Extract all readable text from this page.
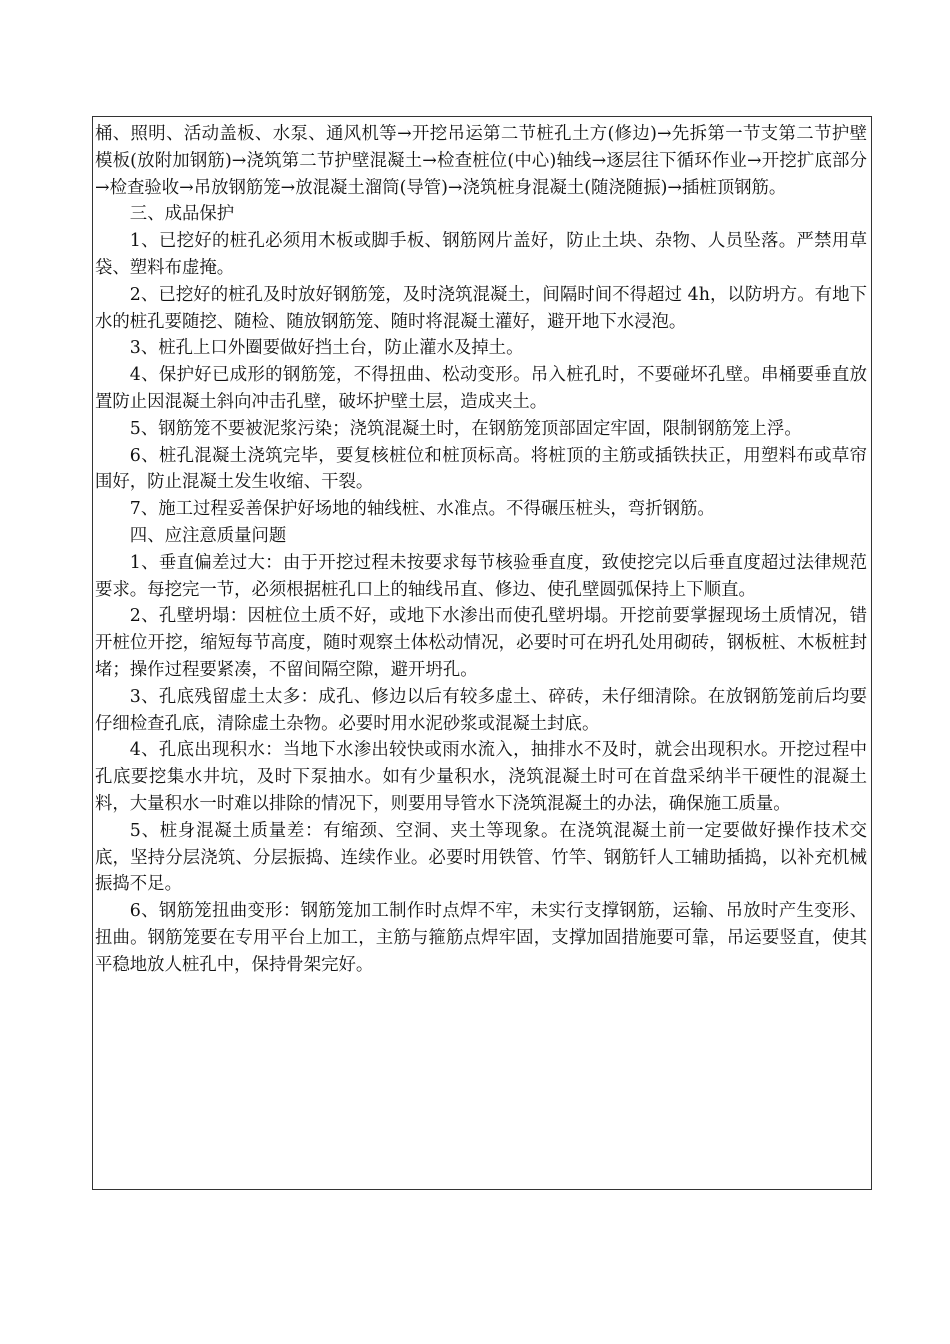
桶、照明、活动盖板、水泵、通风机等→开挖吊运第二节桩孔土方(修边)→先拆第一节支第二节护壁模板(放附加钢筋)→浇筑第二节护壁混凝土→检查桩位(中心)轴线→逐层往下循环作业→开挖扩底部分→检查验收→吊放钢筋笼→放混凝土溜筒(导管)→浇筑桩身混凝土(随浇随振)→插桩顶钢筋。

三、成品保护

1、已挖好的桩孔必须用木板或脚手板、钢筋网片盖好，防止土块、杂物、人员坠落。严禁用草袋、塑料布虚掩。

2、已挖好的桩孔及时放好钢筋笼，及时浇筑混凝土，间隔时间不得超过 4h，以防坍方。有地下水的桩孔要随挖、随检、随放钢筋笼、随时将混凝土灌好，避开地下水浸泡。

3、桩孔上口外圈要做好挡土台，防止灌水及掉土。

4、保护好已成形的钢筋笼，不得扭曲、松动变形。吊入桩孔时，不要碰坏孔壁。串桶要垂直放置防止因混凝土斜向冲击孔壁，破坏护壁土层，造成夹土。

5、钢筋笼不要被泥浆污染；浇筑混凝土时，在钢筋笼顶部固定牢固，限制钢筋笼上浮。

6、桩孔混凝土浇筑完毕，要复核桩位和桩顶标高。将桩顶的主筋或插铁扶正，用塑料布或草帘围好，防止混凝土发生收缩、干裂。

7、施工过程妥善保护好场地的轴线桩、水准点。不得碾压桩头，弯折钢筋。

四、应注意质量问题

1、垂直偏差过大：由于开挖过程未按要求每节核验垂直度，致使挖完以后垂直度超过法律规范要求。每挖完一节，必须根据桩孔口上的轴线吊直、修边、使孔壁圆弧保持上下顺直。

2、孔壁坍塌：因桩位土质不好，或地下水渗出而使孔壁坍塌。开挖前要掌握现场土质情况，错开桩位开挖，缩短每节高度，随时观察土体松动情况，必要时可在坍孔处用砌砖，钢板桩、木板桩封堵；操作过程要紧凑，不留间隔空隙，避开坍孔。

3、孔底残留虚土太多：成孔、修边以后有较多虚土、碎砖，未仔细清除。在放钢筋笼前后均要仔细检查孔底，清除虚土杂物。必要时用水泥砂浆或混凝土封底。

4、孔底出现积水：当地下水渗出较快或雨水流入，抽排水不及时，就会出现积水。开挖过程中孔底要挖集水井坑，及时下泵抽水。如有少量积水，浇筑混凝土时可在首盘采纳半干硬性的混凝土料，大量积水一时难以排除的情况下，则要用导管水下浇筑混凝土的办法，确保施工质量。

5、桩身混凝土质量差：有缩颈、空洞、夹土等现象。在浇筑混凝土前一定要做好操作技术交底，坚持分层浇筑、分层振捣、连续作业。必要时用铁管、竹竿、钢筋钎人工辅助插捣，以补充机械振捣不足。

6、钢筋笼扭曲变形：钢筋笼加工制作时点焊不牢，未实行支撑钢筋，运输、吊放时产生变形、扭曲。钢筋笼要在专用平台上加工，主筋与箍筋点焊牢固，支撑加固措施要可靠，吊运要竖直，使其平稳地放人桩孔中，保持骨架完好。
